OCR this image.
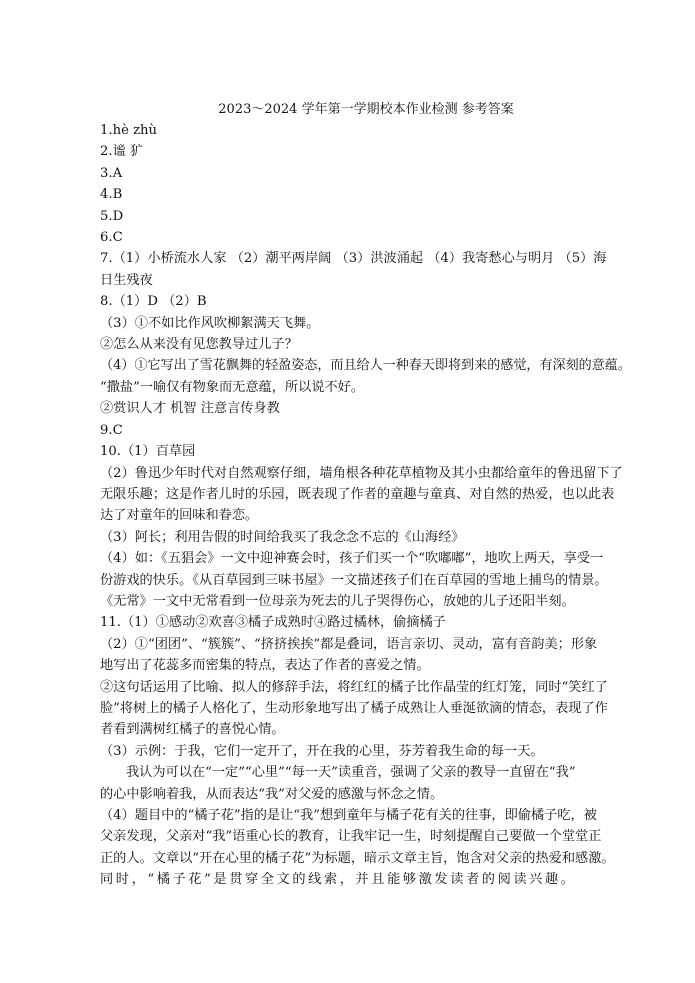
2023～2024 学年第一学期校本作业检测 参考答案
1.hè zhù
2.谧 犷
3.A
4.B
5.D
6.C
7.（1）小桥流水人家 （2）潮平两岸阔 （3）洪波涌起 （4）我寄愁心与明月 （5）海
日生残夜
8.（1）D （2）B
（3）①不如比作风吹柳絮满天飞舞。
②怎么从来没有见您教导过儿子？
（4）①它写出了雪花飘舞的轻盈姿态，而且给人一种春天即将到来的感觉，有深刻的意蕴。
“撒盐”一喻仅有物象而无意蕴，所以说不好。
②赏识人才 机智 注意言传身教
9.C
10.（1）百草园
（2）鲁迅少年时代对自然观察仔细，墙角根各种花草植物及其小虫都给童年的鲁迅留下了
无限乐趣；这是作者儿时的乐园，既表现了作者的童趣与童真、对自然的热爱，也以此表
达了对童年的回味和眷恋。
（3）阿长；利用告假的时间给我买了我念念不忘的《山海经》
（4）如：《五猖会》一文中迎神赛会时，孩子们买一个“吹嘟嘟”，地吹上两天，享受一
份游戏的快乐。《从百草园到三味书屋》一文描述孩子们在百草园的雪地上捕鸟的情景。
《无常》一文中无常看到一位母亲为死去的儿子哭得伤心，放她的儿子还阳半刻。
11.（1）①感动②欢喜③橘子成熟时④路过橘林，偷摘橘子
（2）①“团团”、“簇簇”、“挤挤挨挨”都是叠词，语言亲切、灵动，富有音韵美；形象
地写出了花蕊多而密集的特点，表达了作者的喜爱之情。
②这句话运用了比喻、拟人的修辞手法，将红红的橘子比作晶莹的红灯笼，同时“笑红了
脸”将树上的橘子人格化了，生动形象地写出了橘子成熟让人垂涎欲滴的情态，表现了作
者看到满树红橘子的喜悦心情。
（3）示例：于我，它们一定开了，开在我的心里，芬芳着我生命的每一天。
我认为可以在“一定”“心里”“每一天”读重音，强调了父亲的教导一直留在“我”
的心中影响着我，从而表达“我”对父爱的感激与怀念之情。
（4）题目中的“橘子花”指的是让“我”想到童年与橘子花有关的往事，即偷橘子吃，被
父亲发现，父亲对“我”语重心长的教育，让我牢记一生，时刻提醒自己要做一个堂堂正
正的人。文章以“开在心里的橘子花”为标题，暗示文章主旨，饱含对父亲的热爱和感激。
同时，“橘子花”是贯穿全文的线索，并且能够激发读者的阅读兴趣。
